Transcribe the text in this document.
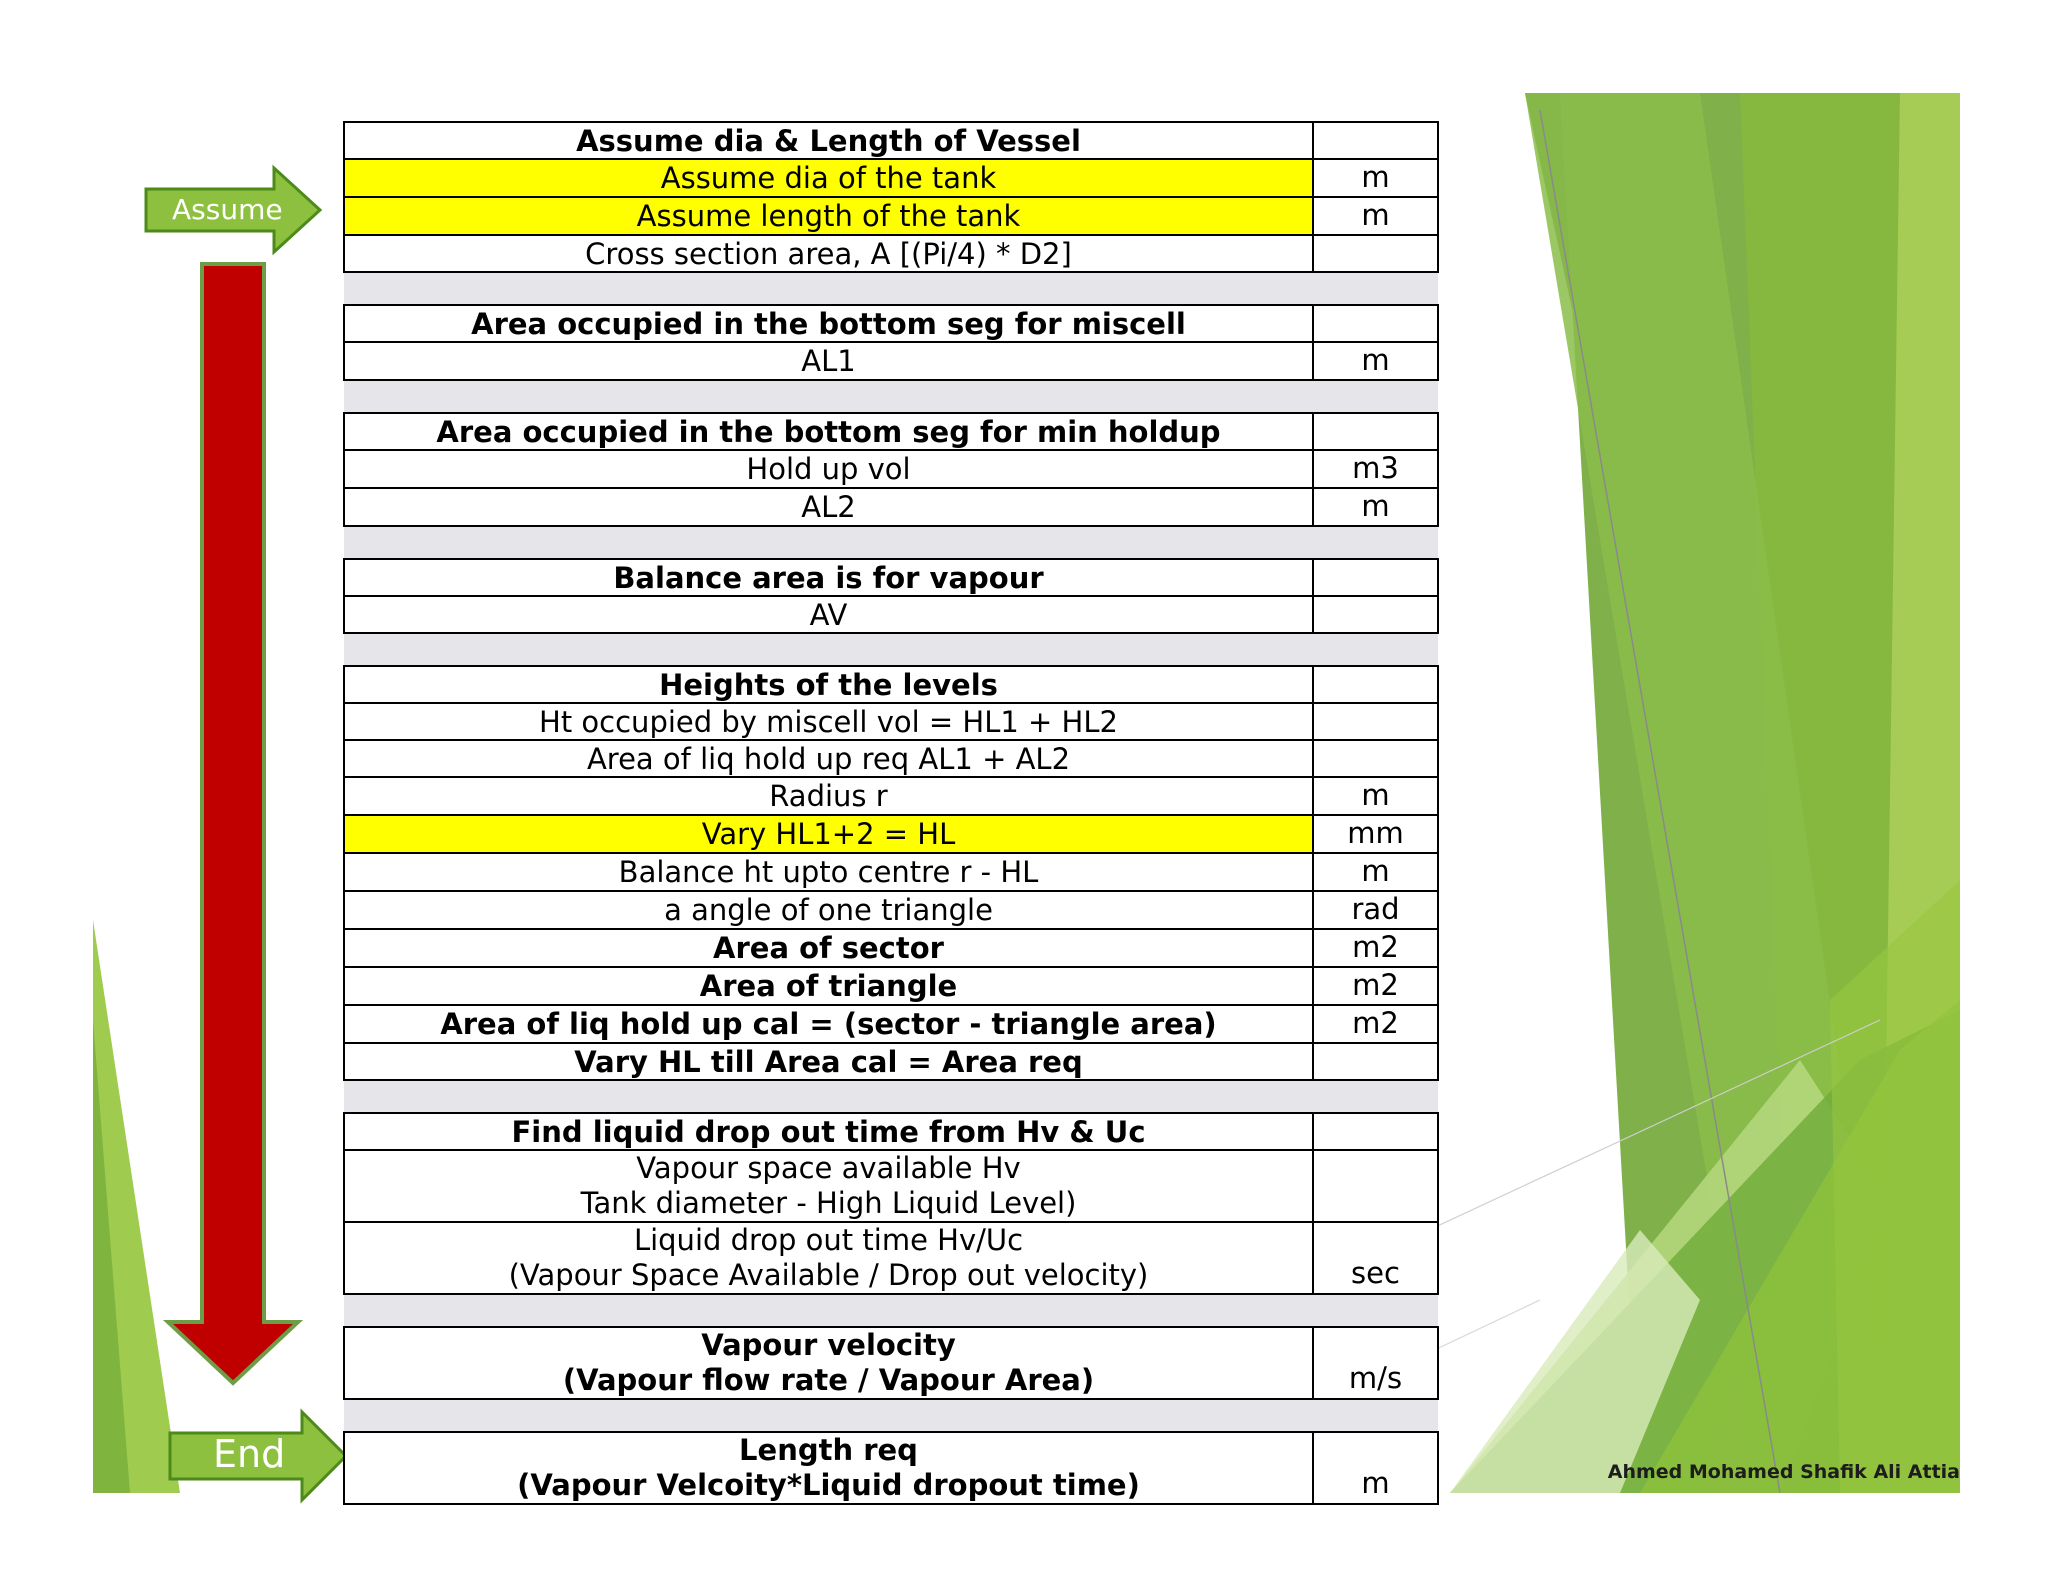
Assume
End
Assume dia & Length of Vessel	
Assume dia of the tank	m
Assume length of the tank	m
Cross section area, A [(Pi/4) * D2]	

Area occupied in the bottom seg for miscell	
AL1	m

Area occupied in the bottom seg for min holdup	
Hold up vol	m3
AL2	m

Balance area is for vapour	
AV	

Heights of the levels	
Ht occupied by miscell vol = HL1 + HL2	
Area of liq hold up req AL1 + AL2	
Radius r	m
Vary HL1+2 = HL	mm
Balance ht upto centre r - HL	m
a angle of one triangle	rad
Area of sector	m2
Area of triangle	m2
Area of liq hold up cal = (sector - triangle area)	m2
Vary HL till Area cal = Area req	

Find liquid drop out time from Hv & Uc	
Vapour space available Hv
Tank diameter - High Liquid Level)	
Liquid drop out time Hv/Uc
(Vapour Space Available / Drop out velocity)	sec

Vapour velocity
(Vapour flow rate / Vapour Area)	m/s

Length req
(Vapour Velcoity*Liquid dropout time)	m	Ahmed Mohamed Shafik Ali Attia
